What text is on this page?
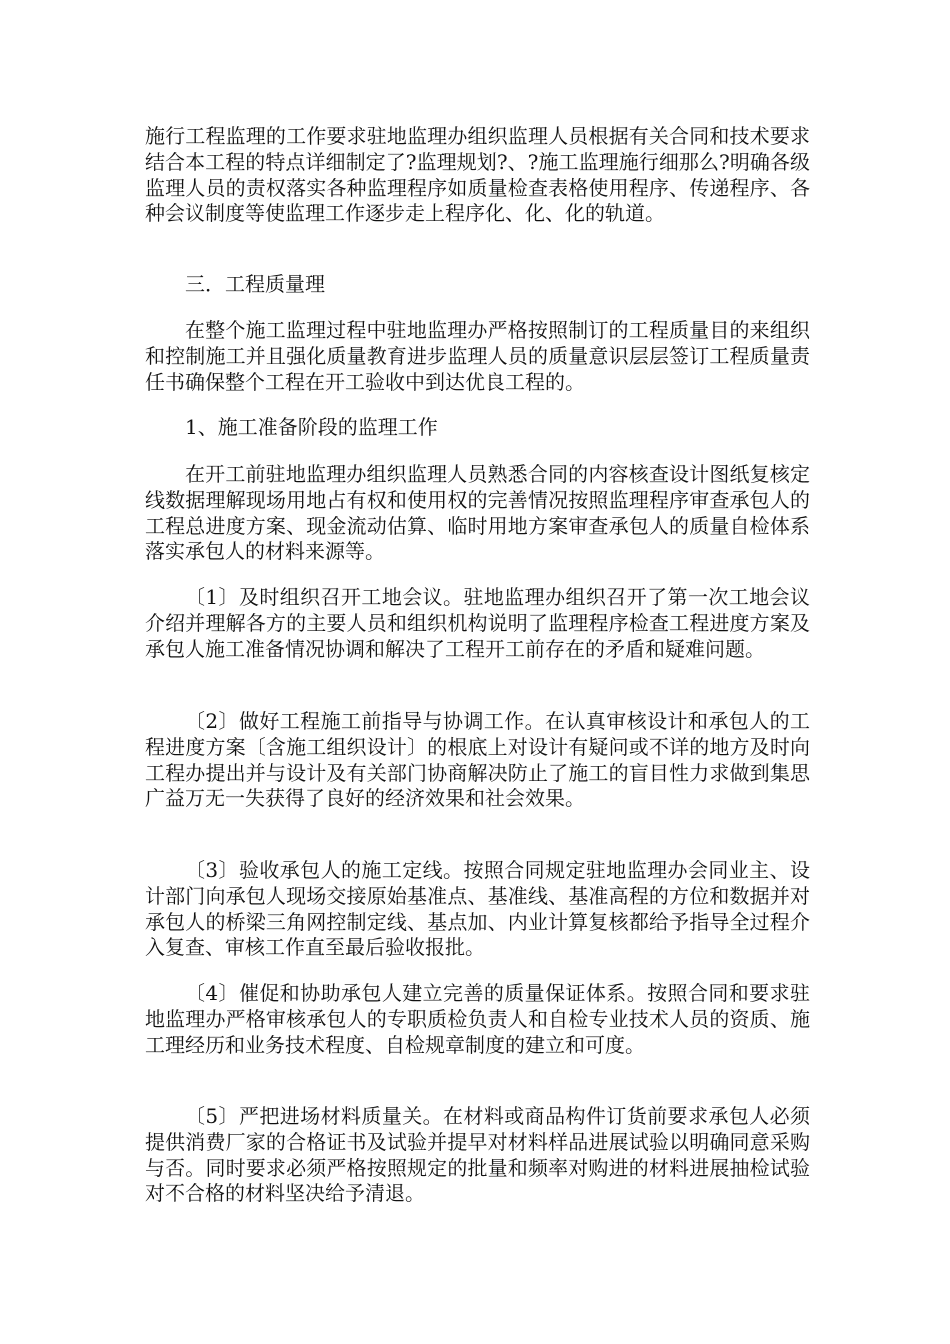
施行工程监理的工作要求驻地监理办组织监理人员根据有关合同和技术要求结合本工程的特点详细制定了?监理规划?、?施工监理施行细那么?明确各级监理人员的责权落实各种监理程序如质量检查表格使用程序、传递程序、各种会议制度等使监理工作逐步走上程序化、化、化的轨道。

三．工程质量理

在整个施工监理过程中驻地监理办严格按照制订的工程质量目的来组织和控制施工并且强化质量教育进步监理人员的质量意识层层签订工程质量责任书确保整个工程在开工验收中到达优良工程的。

1、施工准备阶段的监理工作

在开工前驻地监理办组织监理人员熟悉合同的内容核查设计图纸复核定线数据理解现场用地占有权和使用权的完善情况按照监理程序审查承包人的工程总进度方案、现金流动估算、临时用地方案审查承包人的质量自检体系落实承包人的材料来源等。

〔1〕及时组织召开工地会议。驻地监理办组织召开了第一次工地会议介绍并理解各方的主要人员和组织机构说明了监理程序检查工程进度方案及承包人施工准备情况协调和解决了工程开工前存在的矛盾和疑难问题。

〔2〕做好工程施工前指导与协调工作。在认真审核设计和承包人的工程进度方案〔含施工组织设计〕的根底上对设计有疑问或不详的地方及时向工程办提出并与设计及有关部门协商解决防止了施工的盲目性力求做到集思广益万无一失获得了良好的经济效果和社会效果。

〔3〕验收承包人的施工定线。按照合同规定驻地监理办会同业主、设计部门向承包人现场交接原始基准点、基准线、基准高程的方位和数据并对承包人的桥梁三角网控制定线、基点加、内业计算复核都给予指导全过程介入复查、审核工作直至最后验收报批。

〔4〕催促和协助承包人建立完善的质量保证体系。按照合同和要求驻地监理办严格审核承包人的专职质检负责人和自检专业技术人员的资质、施工理经历和业务技术程度、自检规章制度的建立和可度。

〔5〕严把进场材料质量关。在材料或商品构件订货前要求承包人必须提供消费厂家的合格证书及试验并提早对材料样品进展试验以明确同意采购与否。同时要求必须严格按照规定的批量和频率对购进的材料进展抽检试验对不合格的材料坚决给予清退。
